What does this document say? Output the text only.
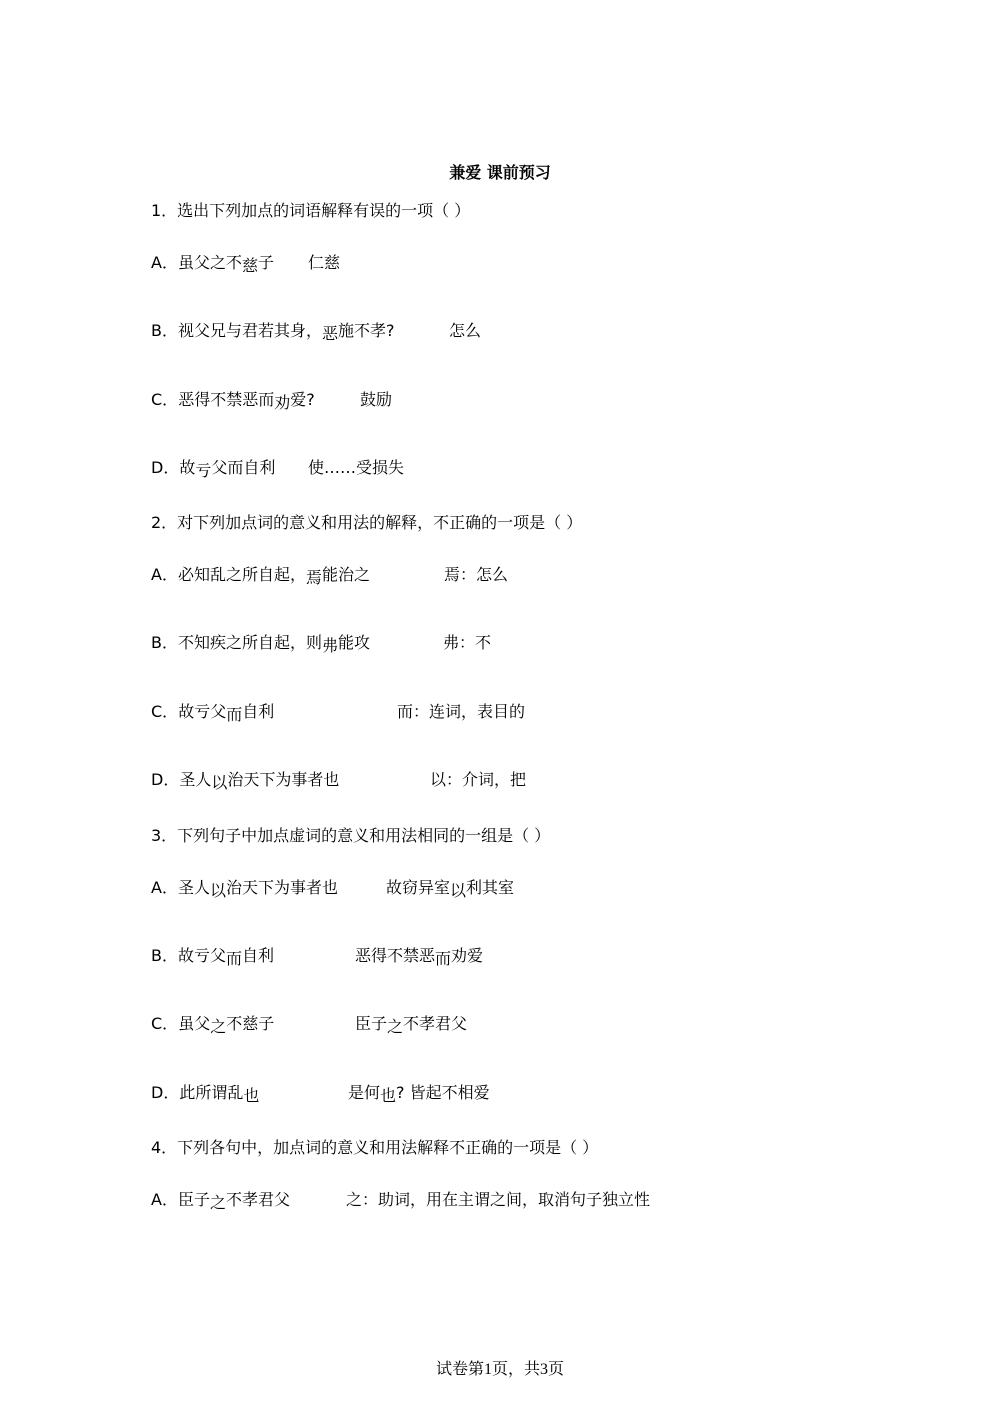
兼爱 课前预习
1．选出下列加点的词语解释有误的一项（ ）
A．虽父之不慈子 仁慈
B．视父兄与君若其身，恶施不孝?	怎么
C．恶得不禁恶而劝爱?	鼓励
D．故亏父而自利 使……受损失
2．对下列加点词的意义和用法的解释，不正确的一项是（ ）
A．必知乱之所自起，焉能治之	焉：怎么
B．不知疾之所自起，则弗能攻	弗：不
C．故亏父而自利	而：连词，表目的
D．圣人以治天下为事者也	以：介词，把
3．下列句子中加点虚词的意义和用法相同的一组是（ ）
A．圣人以治天下为事者也	故窃异室以利其室
B．故亏父而自利	恶得不禁恶而劝爱
C．虽父之不慈子	臣子之不孝君父
D．此所谓乱也	是何也? 皆起不相爱
4．下列各句中，加点词的意义和用法解释不正确的一项是（ ）
A．臣子之不孝君父	之：助词，用在主谓之间，取消句子独立性
试卷第1页，共3页
